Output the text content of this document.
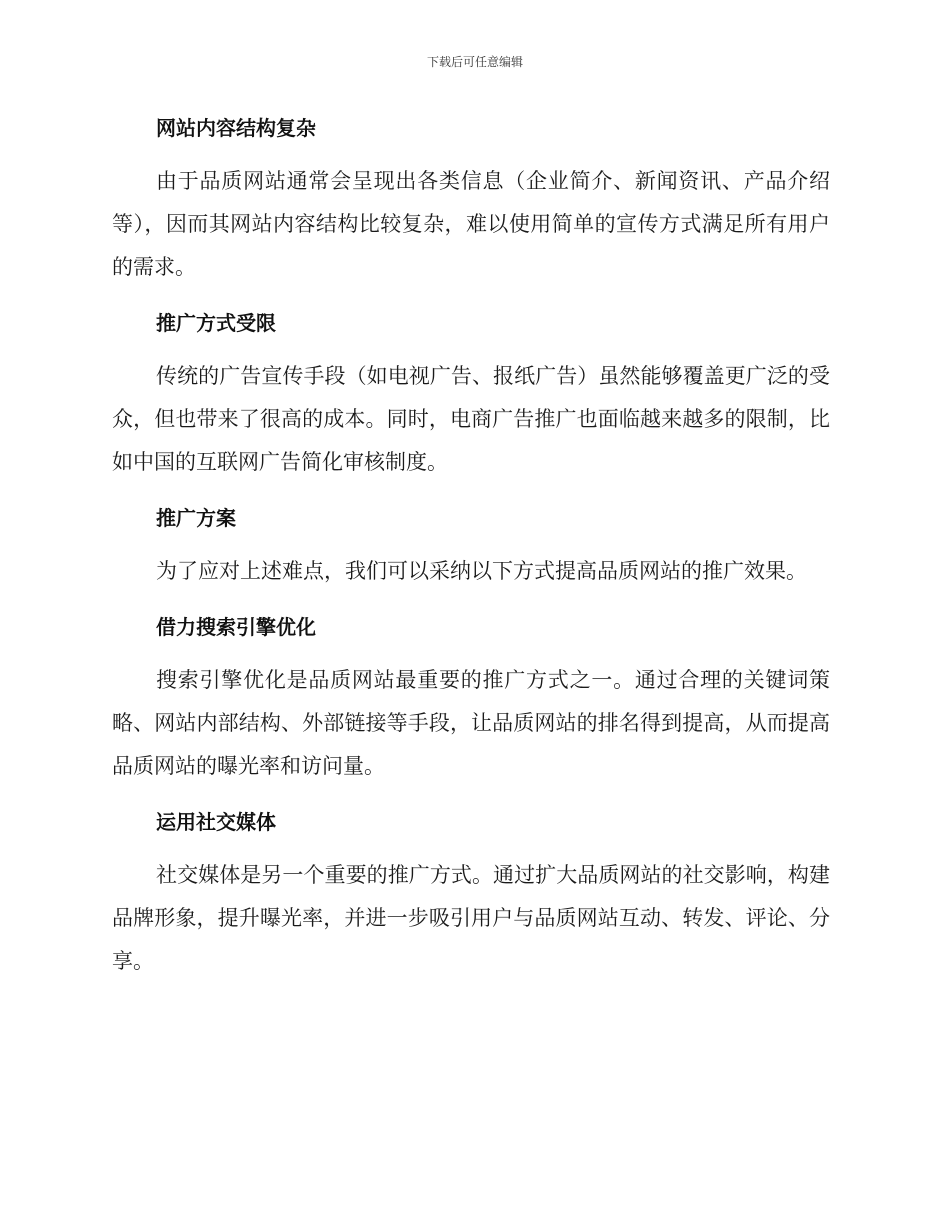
下载后可任意编辑
网站内容结构复杂

由于品质网站通常会呈现出各类信息（企业简介、新闻资讯、产品介绍等），因而其网站内容结构比较复杂，难以使用简单的宣传方式满足所有用户的需求。

推广方式受限

传统的广告宣传手段（如电视广告、报纸广告）虽然能够覆盖更广泛的受众，但也带来了很高的成本。同时，电商广告推广也面临越来越多的限制，比如中国的互联网广告简化审核制度。

推广方案

为了应对上述难点，我们可以采纳以下方式提高品质网站的推广效果。

借力搜索引擎优化

搜索引擎优化是品质网站最重要的推广方式之一。通过合理的关键词策略、网站内部结构、外部链接等手段，让品质网站的排名得到提高，从而提高品质网站的曝光率和访问量。

运用社交媒体

社交媒体是另一个重要的推广方式。通过扩大品质网站的社交影响，构建品牌形象，提升曝光率，并进一步吸引用户与品质网站互动、转发、评论、分享。
